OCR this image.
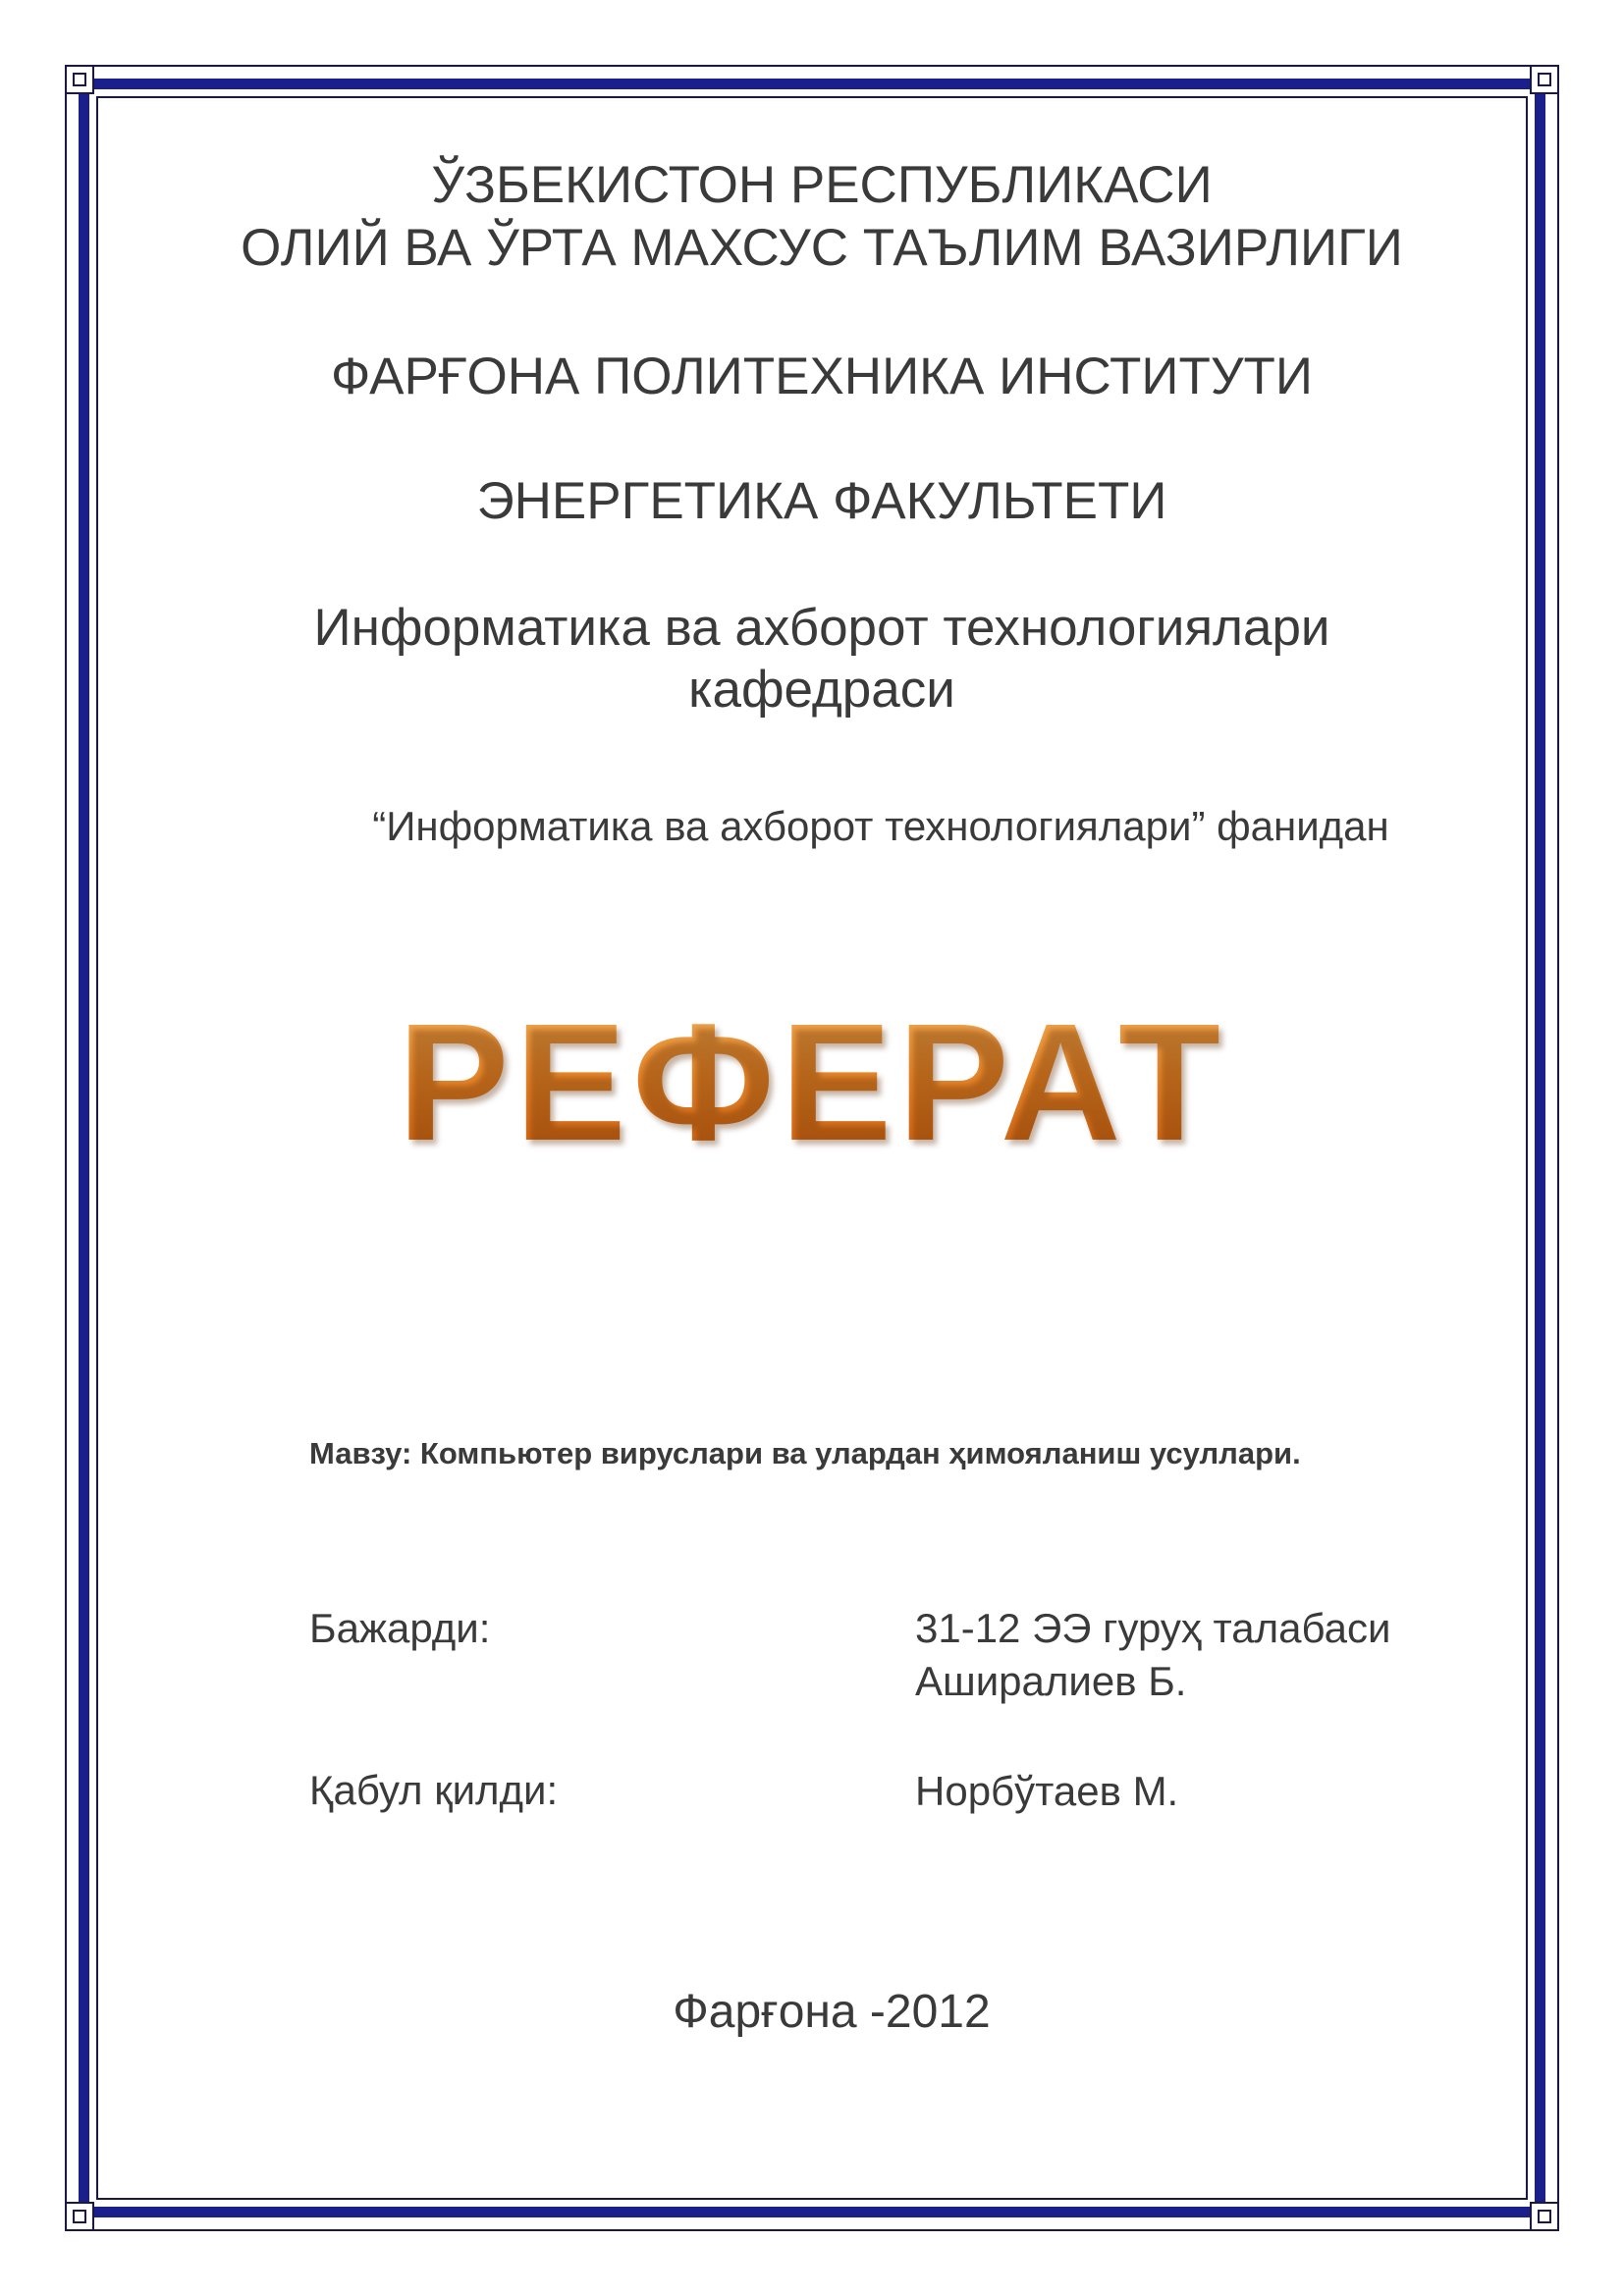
ЎЗБЕКИСТОН РЕСПУБЛИКАСИ
ОЛИЙ ВА ЎРТА МАХСУС ТАЪЛИМ ВАЗИРЛИГИ
ФАРҒОНА ПОЛИТЕХНИКА ИНСТИТУТИ
ЭНЕРГЕТИКА ФАКУЛЬТЕТИ
Информатика ва ахборот технологиялари
кафедраси
“Информатика ва ахборот технологиялари” фанидан
РЕФЕРАТ
Мавзу: Компьютер вируслари ва улардан ҳимояланиш усуллари.
Бажарди:	31-12 ЭЭ гуруҳ талабаси
Аширалиев Б.
Қабул қилди:	Норбўтаев М.
Фарғона -2012
